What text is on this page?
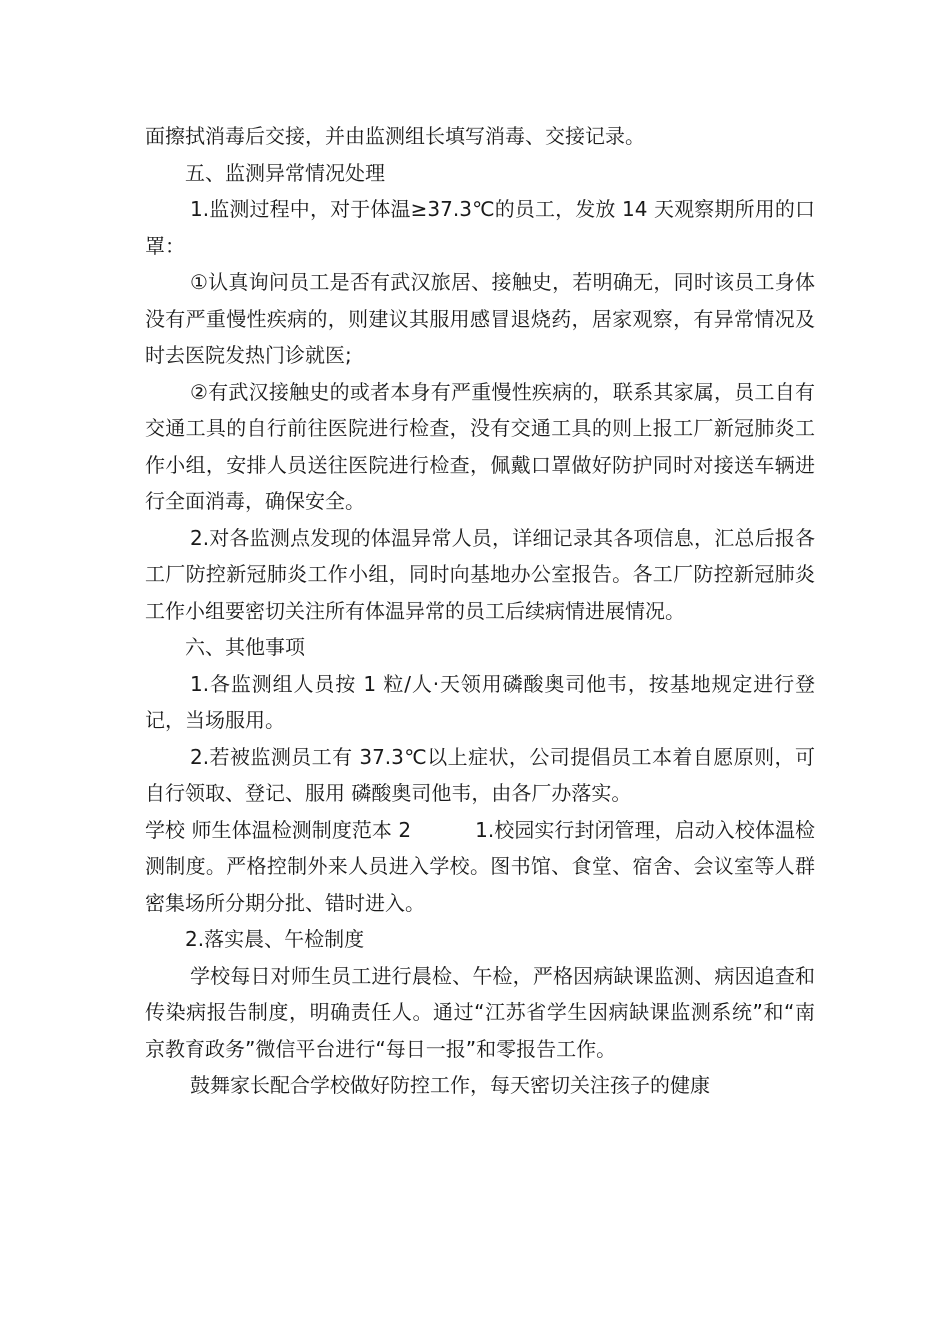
面擦拭消毒后交接，并由监测组长填写消毒、交接记录。

五、监测异常情况处理

1.监测过程中，对于体温≥37.3℃的员工，发放 14 天观察期所用的口罩：

①认真询问员工是否有武汉旅居、接触史，若明确无，同时该员工身体没有严重慢性疾病的，则建议其服用感冒退烧药，居家观察，有异常情况及时去医院发热门诊就医;

②有武汉接触史的或者本身有严重慢性疾病的，联系其家属，员工自有交通工具的自行前往医院进行检查，没有交通工具的则上报工厂新冠肺炎工作小组，安排人员送往医院进行检查，佩戴口罩做好防护同时对接送车辆进行全面消毒，确保安全。

2.对各监测点发现的体温异常人员，详细记录其各项信息，汇总后报各工厂防控新冠肺炎工作小组，同时向基地办公室报告。各工厂防控新冠肺炎工作小组要密切关注所有体温异常的员工后续病情进展情况。

六、其他事项

1.各监测组人员按 1 粒/人·天领用磷酸奥司他韦，按基地规定进行登记，当场服用。

2.若被监测员工有 37.3℃以上症状，公司提倡员工本着自愿原则，可自行领取、登记、服用 磷酸奥司他韦，由各厂办落实。

学校 师生体温检测制度范本 2          1.校园实行封闭管理，启动入校体温检测制度。严格控制外来人员进入学校。图书馆、食堂、宿舍、会议室等人群密集场所分期分批、错时进入。

2.落实晨、午检制度

学校每日对师生员工进行晨检、午检，严格因病缺课监测、病因追查和传染病报告制度，明确责任人。通过“江苏省学生因病缺课监测系统”和“南京教育政务”微信平台进行“每日一报”和零报告工作。

鼓舞家长配合学校做好防控工作，每天密切关注孩子的健康
